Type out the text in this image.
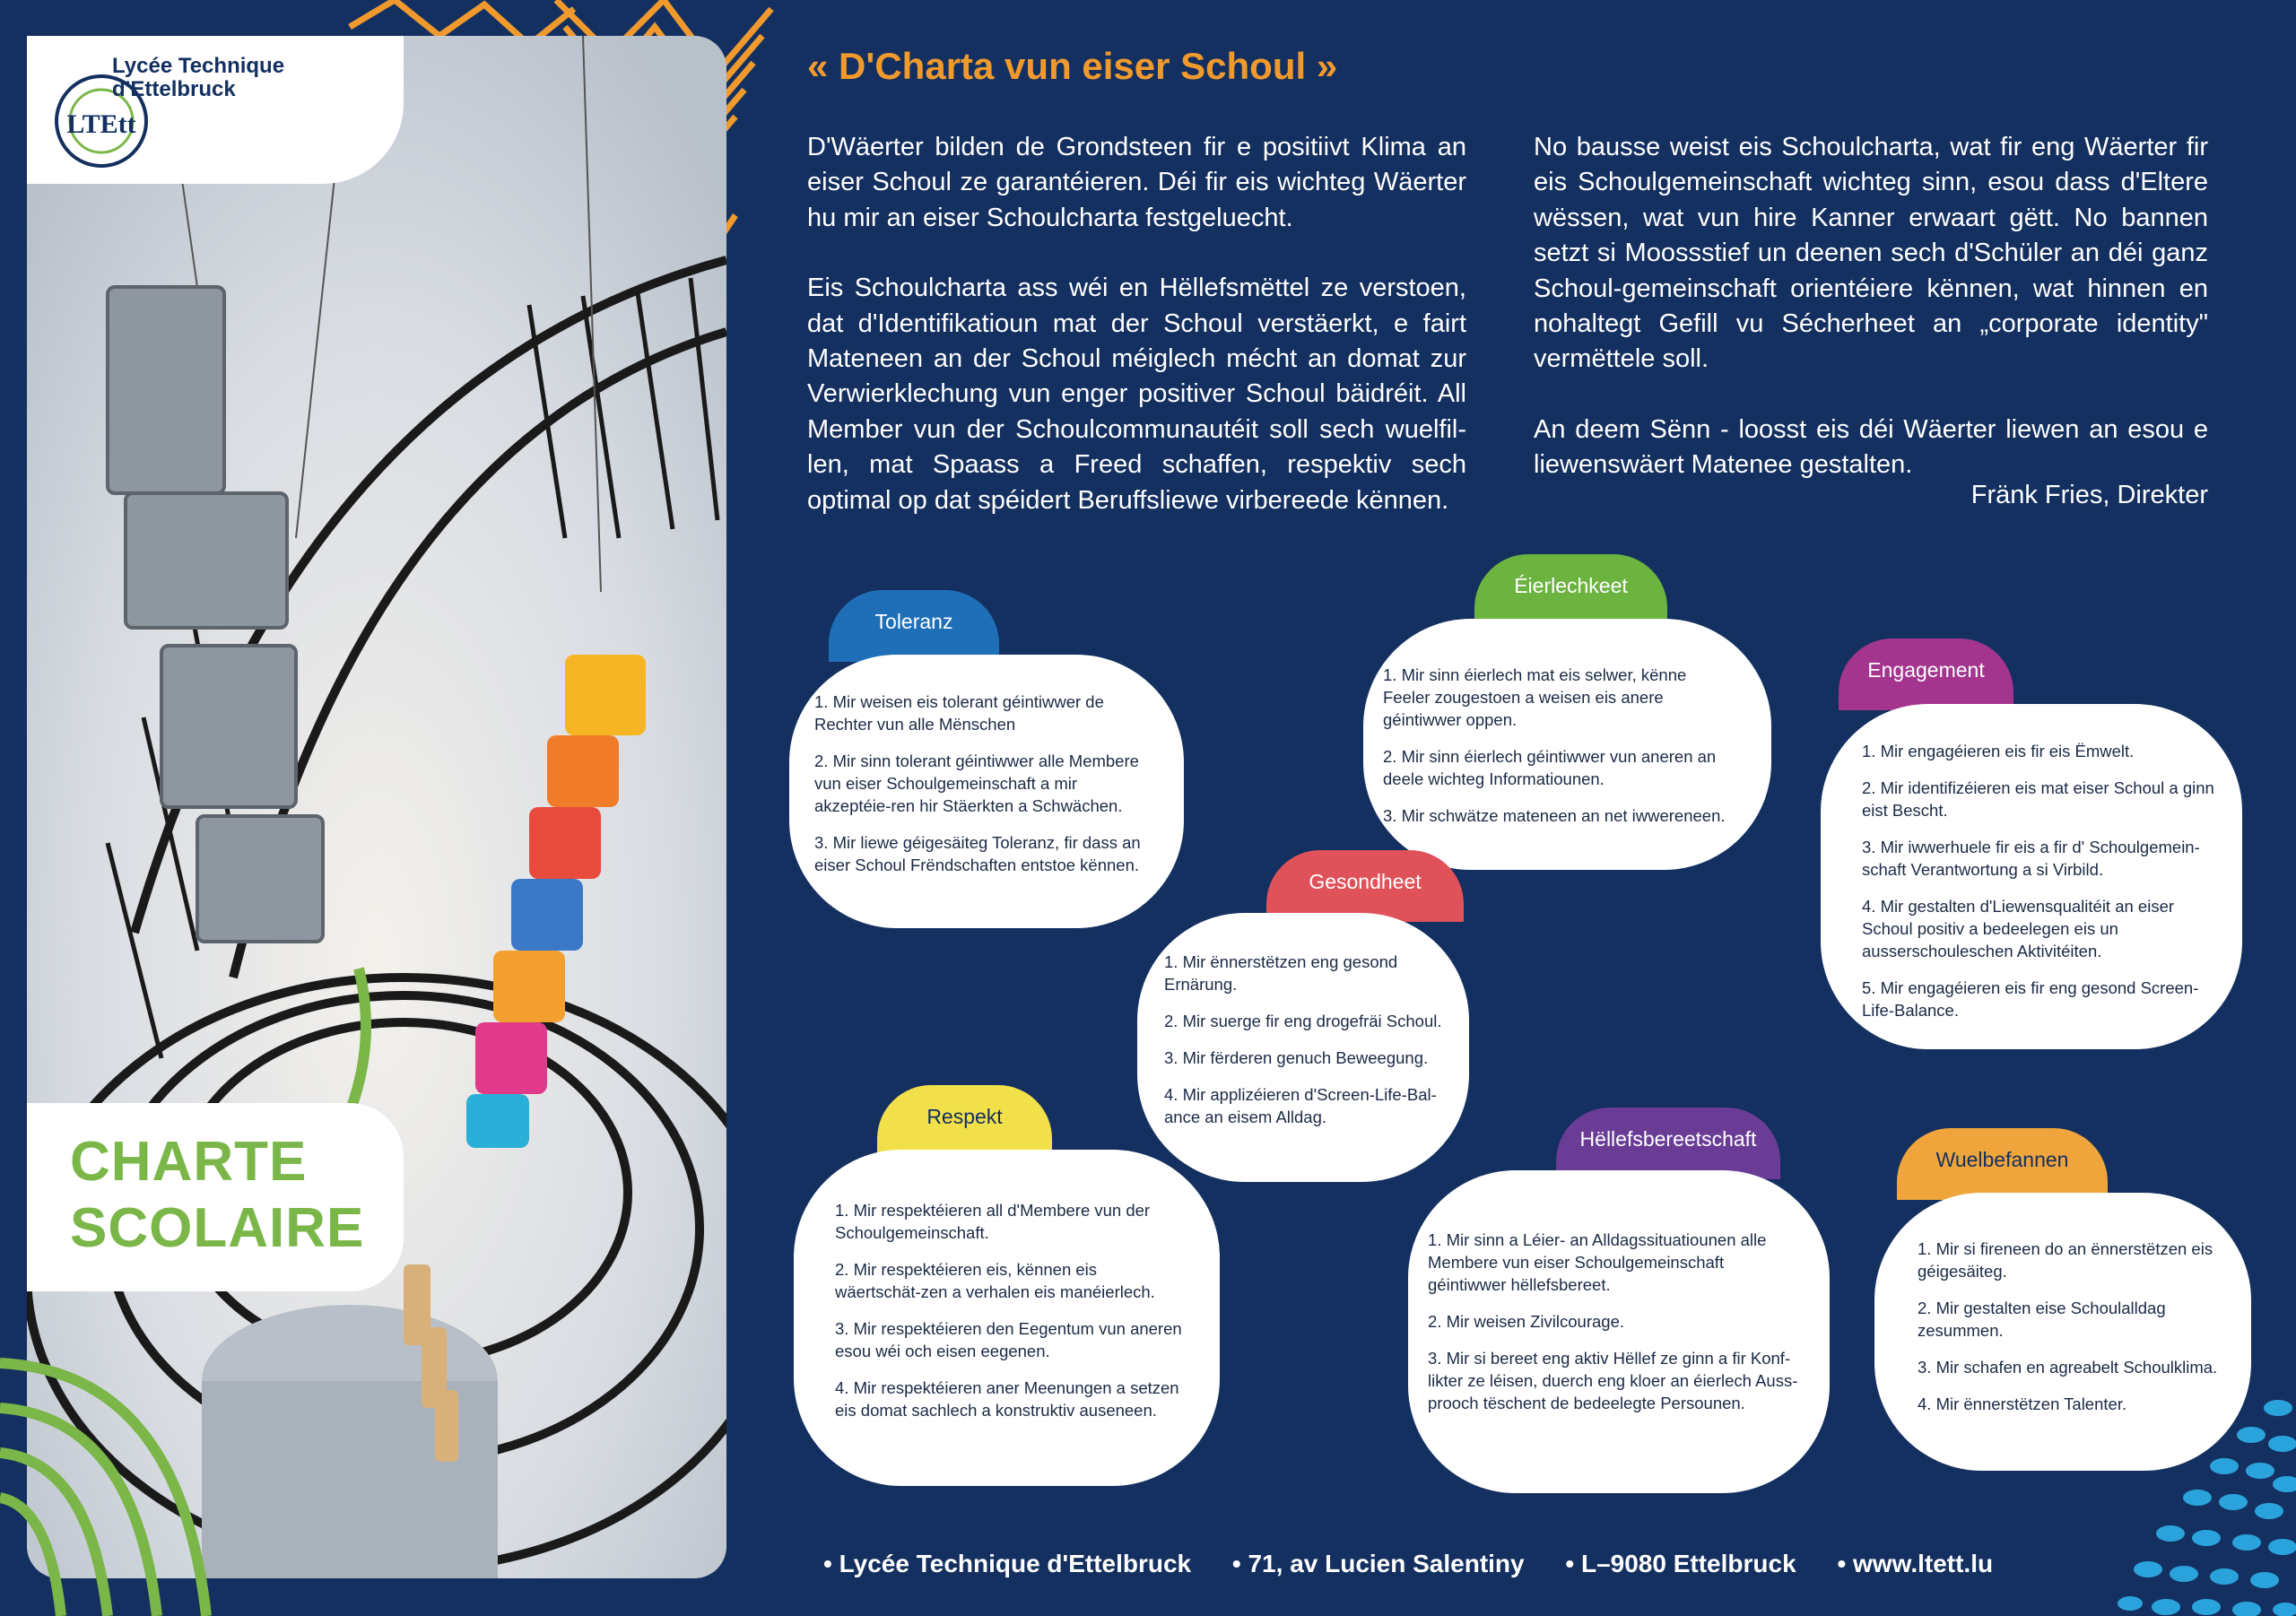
LTEtt
Lycée Technique
d'Ettelbruck
CHARTE
SCOLAIRE
« D'Charta vun eiser Schoul »

D'Wäerter bilden de Grondsteen fir e positiivt Klima an eiser Schoul ze garantéieren. Déi fir eis wichteg Wäerter hu mir an eiser Schoulcharta festgeluecht.

Eis Schoulcharta ass wéi en Hëllefsmëttel ze verstoen, dat d'Identifikatioun mat der Schoul verstäerkt, e fairt Mateneen an der Schoul méiglech mécht an domat zur Verwierklechung vun enger positiver Schoul bäidréit. All Member vun der Schoulcommunautéit soll sech wuelfil-len, mat Spaass a Freed schaffen, respektiv sech optimal op dat spéidert Beruffsliewe virbereede kënnen.

No bausse weist eis Schoulcharta, wat fir eng Wäerter fir eis Schoulgemeinschaft wichteg sinn, esou dass d'Eltere wëssen, wat vun hire Kanner erwaart gëtt. No bannen setzt si Moossstief un deenen sech d'Schüler an déi ganz Schoul-gemeinschaft orientéiere kënnen, wat hinnen en nohaltegt Gefill vu Sécherheet an „corporate identity" vermëttele soll.

An deem Sënn - loosst eis déi Wäerter liewen an esou e liewenswäert Matenee gestalten.

Fränk Fries, Direkter
Toleranz
1. Mir weisen eis tolerant géintiwwer de Rechter vun alle Mënschen
2. Mir sinn tolerant géintiwwer alle Membere vun eiser Schoulgemeinschaft a mir akzeptéie-ren hir Stäerkten a Schwächen.
3. Mir liewe géigesäiteg Toleranz, fir dass an eiser Schoul Frëndschaften entstoe kënnen.
Éierlechkeet
1. Mir sinn éierlech mat eis selwer, kënne Feeler zougestoen a weisen eis anere géintiwwer oppen.
2. Mir sinn éierlech géintiwwer vun aneren an deele wichteg Informatiounen.
3. Mir schwätze mateneen an net iwwereneen.
Engagement
1. Mir engagéieren eis fir eis Ëmwelt.
2. Mir identifizéieren eis mat eiser Schoul a ginn eist Bescht.
3. Mir iwwerhuele fir eis a fir d' Schoulgemein-schaft Verantwortung a si Virbild.
4. Mir gestalten d'Liewensqualitéit an eiser Schoul positiv a bedeelegen eis un ausserschouleschen Aktivitéiten.
5. Mir engagéieren eis fir eng gesond Screen-Life-Balance.
Gesondheet
1. Mir ënnerstëtzen eng gesond Ernärung.
2. Mir suerge fir eng drogefräi Schoul.
3. Mir fërderen genuch Beweegung.
4. Mir applizéieren d'Screen-Life-Bal-ance an eisem Alldag.
Respekt
1. Mir respektéieren all d'Membere vun der Schoulgemeinschaft.
2. Mir respektéieren eis, kënnen eis wäertschät-zen a verhalen eis manéierlech.
3. Mir respektéieren den Eegentum vun aneren esou wéi och eisen eegenen.
4. Mir respektéieren aner Meenungen a setzen eis domat sachlech a konstruktiv auseneen.
Hëllefsbereetschaft
1. Mir sinn a Léier- an Alldagssituatiounen alle Membere vun eiser Schoulgemeinschaft géintiwwer hëllefsbereet.
2. Mir weisen Zivilcourage.
3. Mir si bereet eng aktiv Hëllef ze ginn a fir Konf-likter ze léisen, duerch eng kloer an éierlech Auss-prooch tëschent de bedeelegte Persounen.
Wuelbefannen
1. Mir si fireneen do an ënnerstëtzen eis géigesäiteg.
2. Mir gestalten eise Schoulalldag zesummen.
3. Mir schafen en agreabelt Schoulklima.
4. Mir ënnerstëtzen Talenter.
• Lycée Technique d'Ettelbruck • 71, av Lucien Salentiny • L–9080 Ettelbruck • www.ltett.lu
